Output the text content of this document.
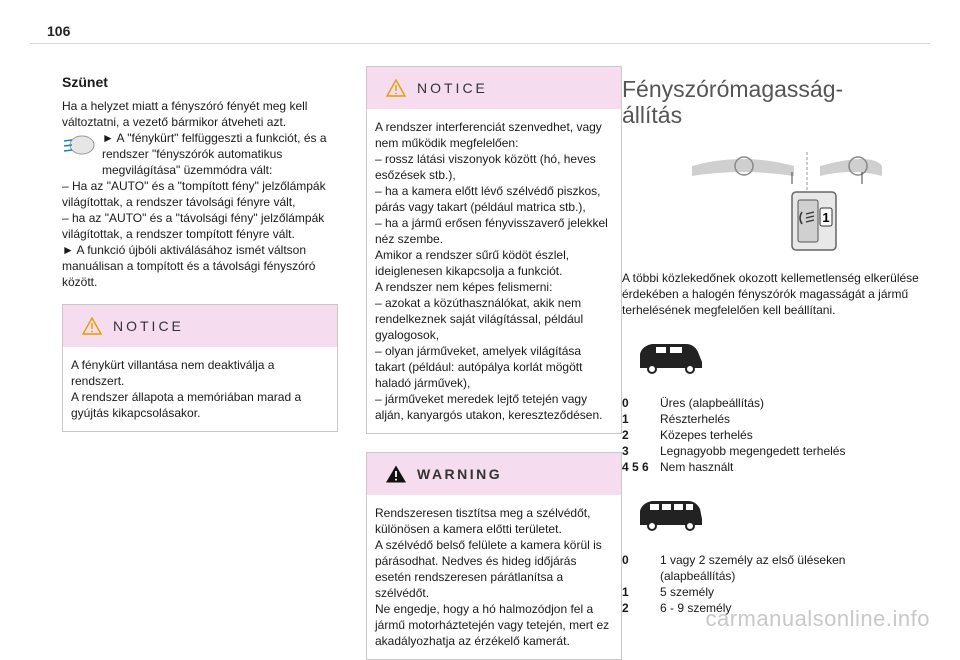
106
Szünet

Ha a helyzet miatt a fényszóró fényét meg kell változtatni, a vezető bármikor átveheti azt.

► A "fénykürt" felfüggeszti a funkciót, és a rendszer "fényszórók automatikus megvilágítása" üzemmódra vált:

– Ha az "AUTO" és a "tompított fény" jelzőlámpák világítottak, a rendszer távolsági fényre vált,

– ha az "AUTO" és a "távolsági fény" jelzőlámpák világítottak, a rendszer tompított fényre vált.

► A funkció újbóli aktiválásához ismét váltson manuálisan a tompított és a távolsági fényszóró között.

NOTICE

A fénykürt villantása nem deaktiválja a rendszert.

A rendszer állapota a memóriában marad a gyújtás kikapcsolásakor.

NOTICE

A rendszer interferenciát szenvedhet, vagy nem működik megfelelően:

– rossz látási viszonyok között (hó, heves esőzések stb.),

– ha a kamera előtt lévő szélvédő piszkos, párás vagy takart (például matrica stb.),

– ha a jármű erősen fényvisszaverő jelekkel néz szembe.

Amikor a rendszer sűrű ködöt észlel, ideiglenesen kikapcsolja a funkciót.

A rendszer nem képes felismerni:

– azokat a közúthasználókat, akik nem rendelkeznek saját világítással, például gyalogosok,

– olyan járműveket, amelyek világítása takart (például: autópálya korlát mögött haladó járművek),

– járműveket meredek lejtő tetején vagy alján, kanyargós utakon, kereszteződésen.

WARNING

Rendszeresen tisztítsa meg a szélvédőt, különösen a kamera előtti területet.

A szélvédő belső felülete a kamera körül is párásodhat. Nedves és hideg időjárás esetén rendszeresen párátlanítsa a szélvédőt.

Ne engedje, hogy a hó halmozódjon fel a jármű motorháztetején vagy tetején, mert ez akadályozhatja az érzékelő kamerát.

Fényszórómagasság-
állítás
1
A többi közlekedőnek okozott kellemetlenség elkerülése érdekében a halogén fényszórók magasságát a jármű terhelésének megfelelően kell beállítani.
0	Üres (alapbeállítás)
1	Részterhelés
2	Közepes terhelés
3	Legnagyobb megengedett terhelés
4 5 6 Nem használt
0	1 vagy 2 személy az első üléseken (alapbeállítás)
1	5 személy
2	6 - 9 személy
carmanualsonline.info
